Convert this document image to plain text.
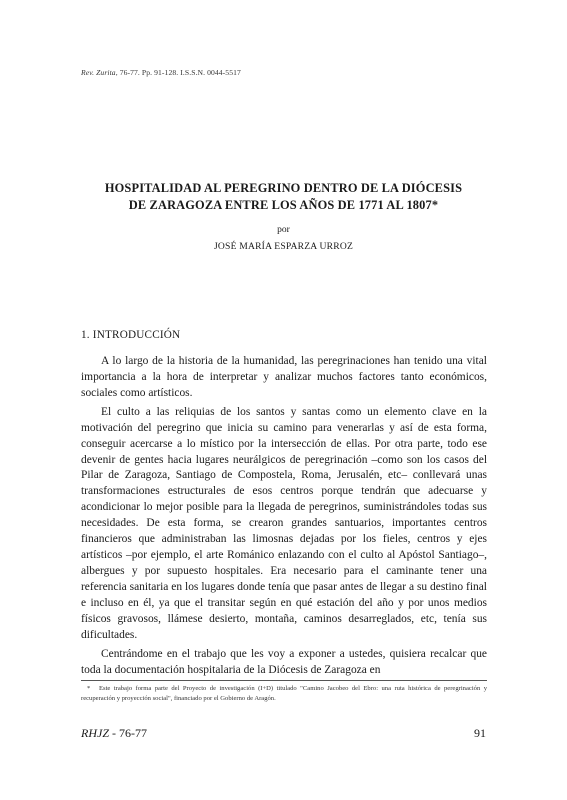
Rev. Zurita, 76-77. Pp. 91-128. I.S.S.N. 0044-5517
HOSPITALIDAD AL PEREGRINO DENTRO DE LA DIÓCESIS
DE ZARAGOZA ENTRE LOS AÑOS DE 1771 AL 1807*
por
JOSÉ MARÍA ESPARZA URROZ
1. INTRODUCCIÓN

A lo largo de la historia de la humanidad, las peregrinaciones han tenido una vital importancia a la hora de interpretar y analizar muchos factores tanto económicos, sociales como artísticos.

El culto a las reliquias de los santos y santas como un elemento clave en la motivación del peregrino que inicia su camino para venerarlas y así de esta forma, conseguir acercarse a lo místico por la intersección de ellas. Por otra parte, todo ese devenir de gentes hacia lugares neurálgicos de peregrinación –como son los casos del Pilar de Zaragoza, Santiago de Compostela, Roma, Jerusalén, etc– conllevará unas transformaciones estructurales de esos centros porque tendrán que adecuarse y acondicionar lo mejor posible para la llegada de peregrinos, suministrándoles todas sus necesidades. De esta forma, se crearon grandes santuarios, importantes centros financieros que administraban las limosnas dejadas por los fieles, centros y ejes artísticos –por ejemplo, el arte Románico enlazando con el culto al Apóstol Santiago–, albergues y por supuesto hospitales. Era necesario para el caminante tener una referencia sanitaria en los lugares donde tenía que pasar antes de llegar a su destino final e incluso en él, ya que el transitar según en qué estación del año y por unos medios físicos gravosos, llámese desierto, montaña, caminos desarreglados, etc, tenía sus dificultades.

Centrándome en el trabajo que les voy a exponer a ustedes, quisiera recalcar que toda la documentación hospitalaria de la Diócesis de Zaragoza en

* Este trabajo forma parte del Proyecto de investigación (I+D) titulado "Camino Jacobeo del Ebro: una ruta histórica de peregrinación y recuperación y proyección social", financiado por el Gobierno de Aragón.
RHJZ - 76-77	91
